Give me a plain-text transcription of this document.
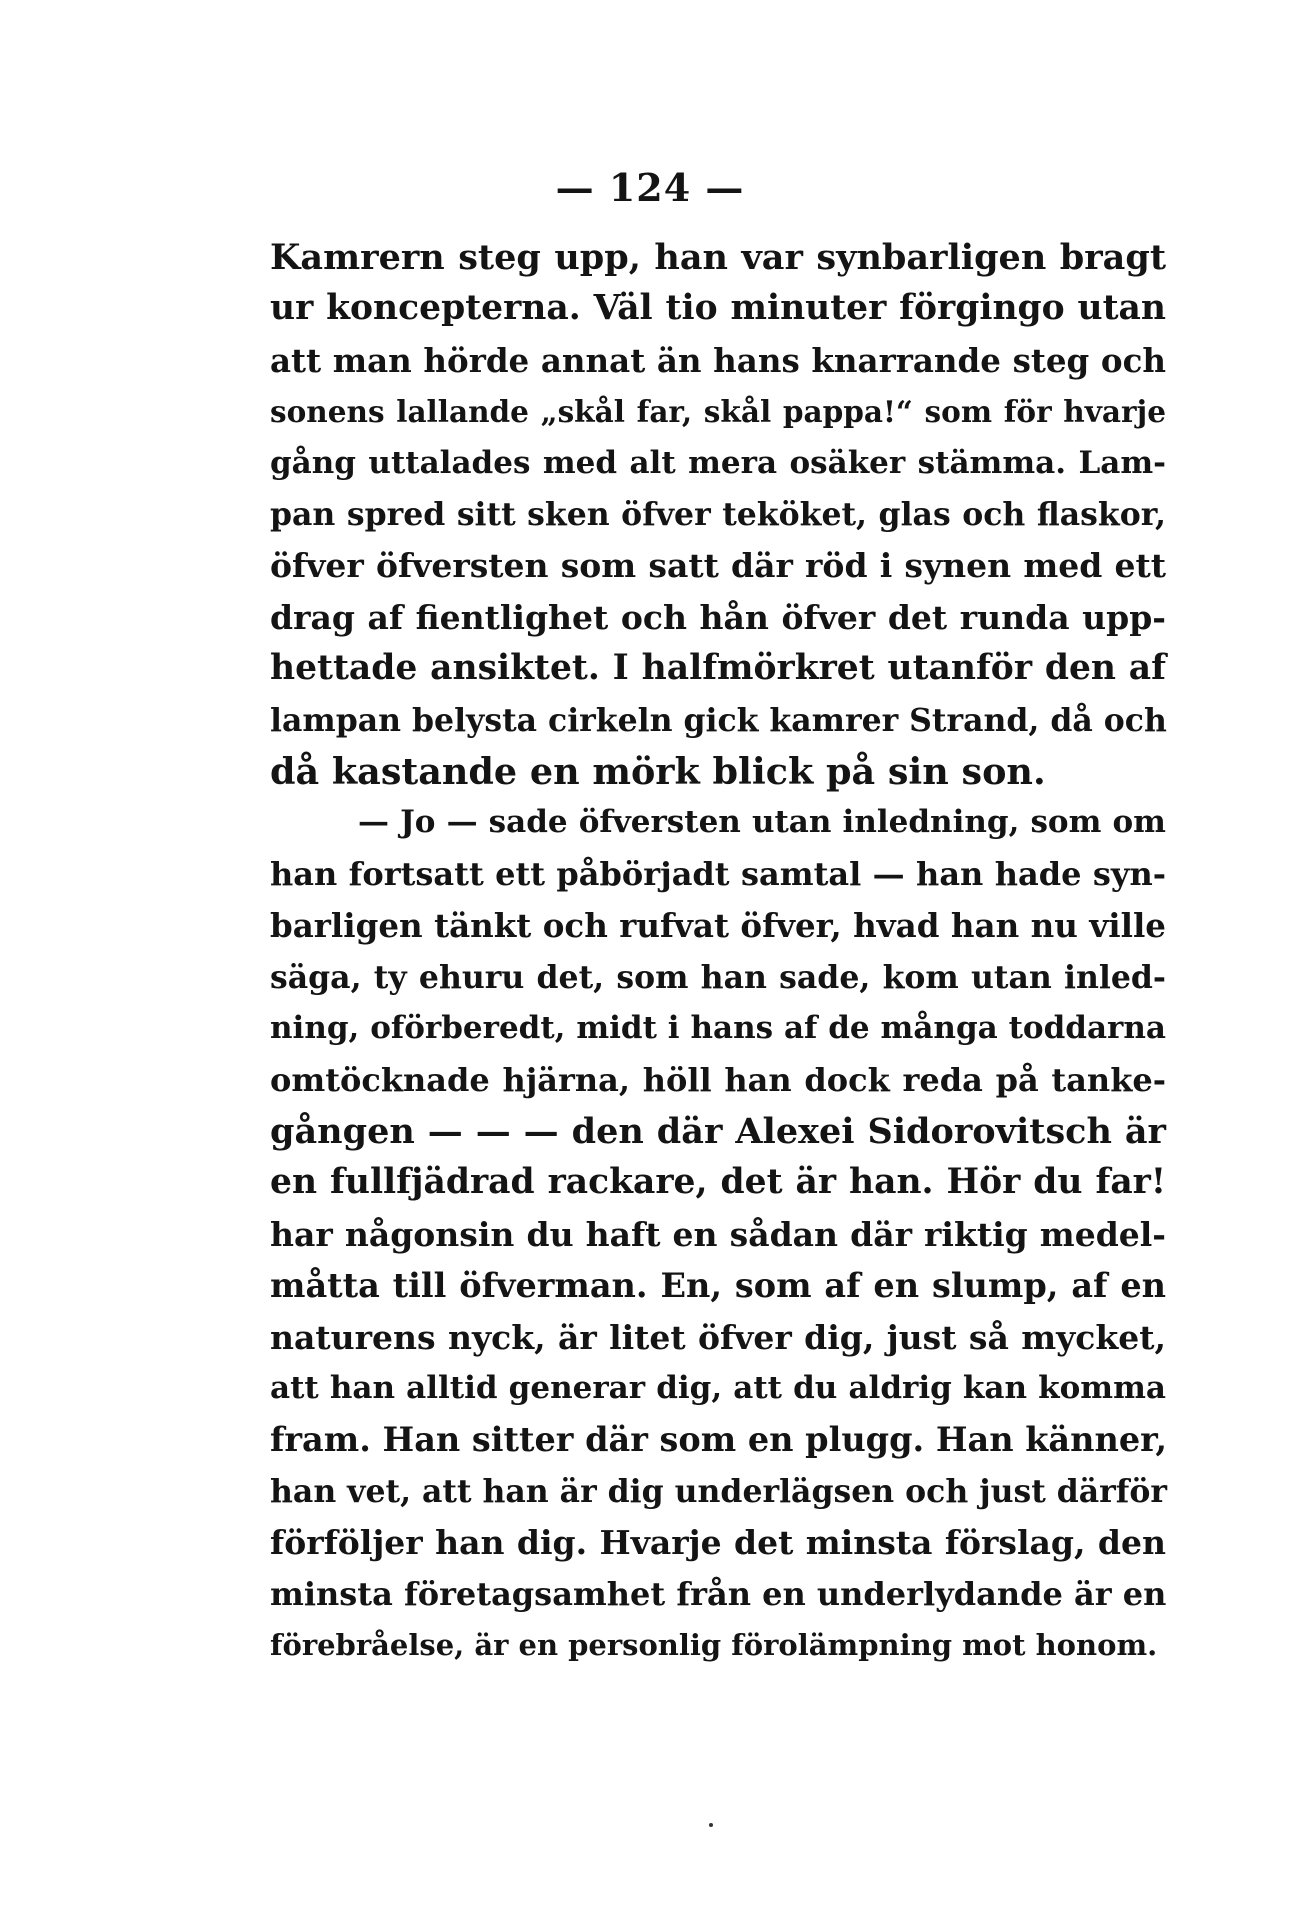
— 124 —
Kamrern steg upp, han var synbarligen bragt
ur koncepterna. Väl tio minuter förgingo utan
att man hörde annat än hans knarrande steg och
sonens lallande „skål far, skål pappa!“ som för hvarje
gång uttalades med alt mera osäker stämma. Lam-
pan spred sitt sken öfver teköket, glas och flaskor,
öfver öfversten som satt där röd i synen med ett
drag af fientlighet och hån öfver det runda upp-
hettade ansiktet. I halfmörkret utanför den af
lampan belysta cirkeln gick kamrer Strand, då och
då kastande en mörk blick på sin son.
— Jo — sade öfversten utan inledning, som om
han fortsatt ett påbörjadt samtal — han hade syn-
barligen tänkt och rufvat öfver, hvad han nu ville
säga, ty ehuru det, som han sade, kom utan inled-
ning, oförberedt, midt i hans af de många toddarna
omtöcknade hjärna, höll han dock reda på tanke-
gången — — — den där Alexei Sidorovitsch är
en fullfjädrad rackare, det är han. Hör du far!
har någonsin du haft en sådan där riktig medel-
måtta till öfverman. En, som af en slump, af en
naturens nyck, är litet öfver dig, just så mycket,
att han alltid generar dig, att du aldrig kan komma
fram. Han sitter där som en plugg. Han känner,
han vet, att han är dig underlägsen och just därför
förföljer han dig. Hvarje det minsta förslag, den
minsta företagsamhet från en underlydande är en
förebråelse, är en personlig förolämpning mot honom.
